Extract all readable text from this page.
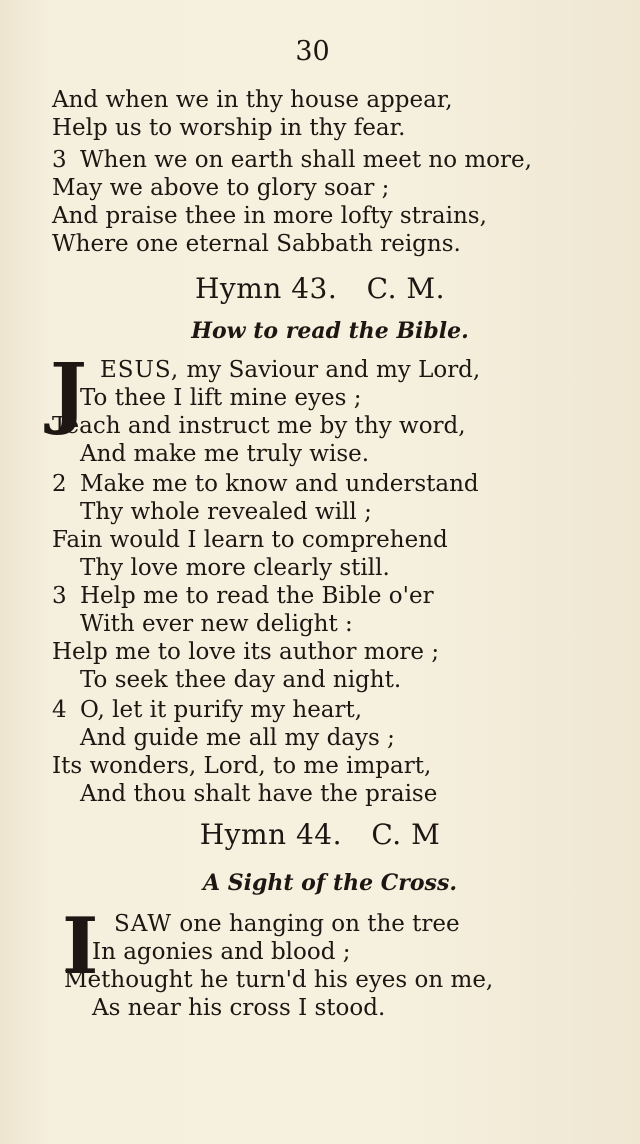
30
And when we in thy house appear,
Help us to worship in thy fear.
3 When we on earth shall meet no more,
May we above to glory soar ;
And praise thee in more lofty strains,
Where one eternal Sabbath reigns.
Hymn 43. C. M.
How to read the Bible.
J ESUS, my Saviour and my Lord,
To thee I lift mine eyes ;
Teach and instruct me by thy word,
And make me truly wise.
2 Make me to know and understand
Thy whole revealed will ;
Fain would I learn to comprehend
Thy love more clearly still.
3 Help me to read the Bible o'er
With ever new delight :
Help me to love its author more ;
To seek thee day and night.
4 O, let it purify my heart,
And guide me all my days ;
Its wonders, Lord, to me impart,
And thou shalt have the praise
Hymn 44. C. M
A Sight of the Cross.
I SAW one hanging on the tree
In agonies and blood ;
Methought he turn'd his eyes on me,
As near his cross I stood.
